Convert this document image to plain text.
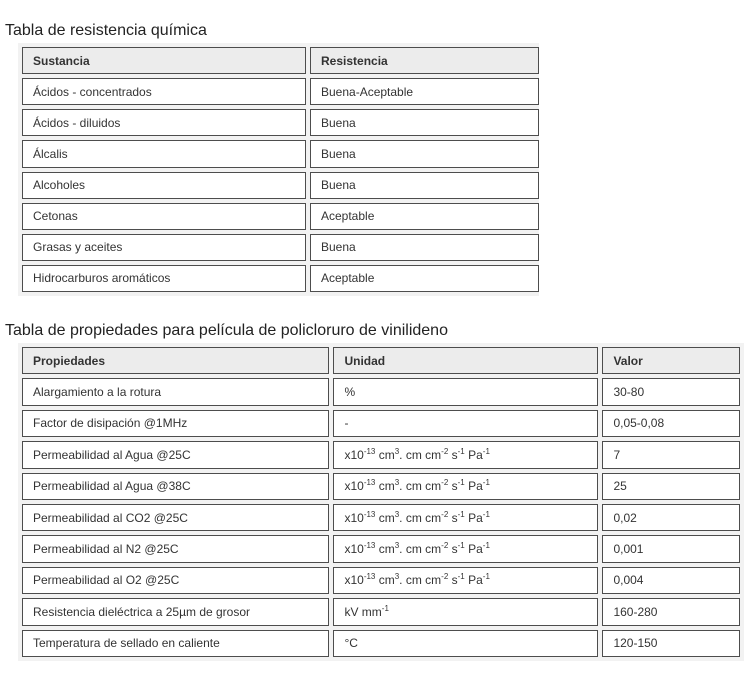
Tabla de resistencia química
Sustancia	Resistencia
Ácidos - concentrados	Buena-Aceptable
Ácidos - diluidos	Buena
Álcalis	Buena
Alcoholes	Buena
Cetonas	Aceptable
Grasas y aceites	Buena
Hidrocarburos aromáticos	Aceptable
Tabla de propiedades para película de policloruro de vinilideno
Propiedades	Unidad	Valor
Alargamiento a la rotura	%	30-80
Factor de disipación @1MHz	-	0,05-0,08
Permeabilidad al Agua @25C	$x10^{-13}$ $cm^3$. cm $cm^{-2}$ $s^{-1}$ $Pa^{-1}$	7
Permeabilidad al Agua @38C	$x10^{-13}$ $cm^3$. cm $cm^{-2}$ $s^{-1}$ $Pa^{-1}$	25
Permeabilidad al CO2 @25C	$x10^{-13}$ $cm^3$. cm $cm^{-2}$ $s^{-1}$ $Pa^{-1}$	0,02
Permeabilidad al N2 @25C	$x10^{-13}$ $cm^3$. cm $cm^{-2}$ $s^{-1}$ $Pa^{-1}$	0,001
Permeabilidad al O2 @25C	$x10^{-13}$ $cm^3$. cm $cm^{-2}$ $s^{-1}$ $Pa^{-1}$	0,004
Resistencia dieléctrica a 25µm de grosor	kV $mm^{-1}$	160-280
Temperatura de sellado en caliente	°C	120-150
